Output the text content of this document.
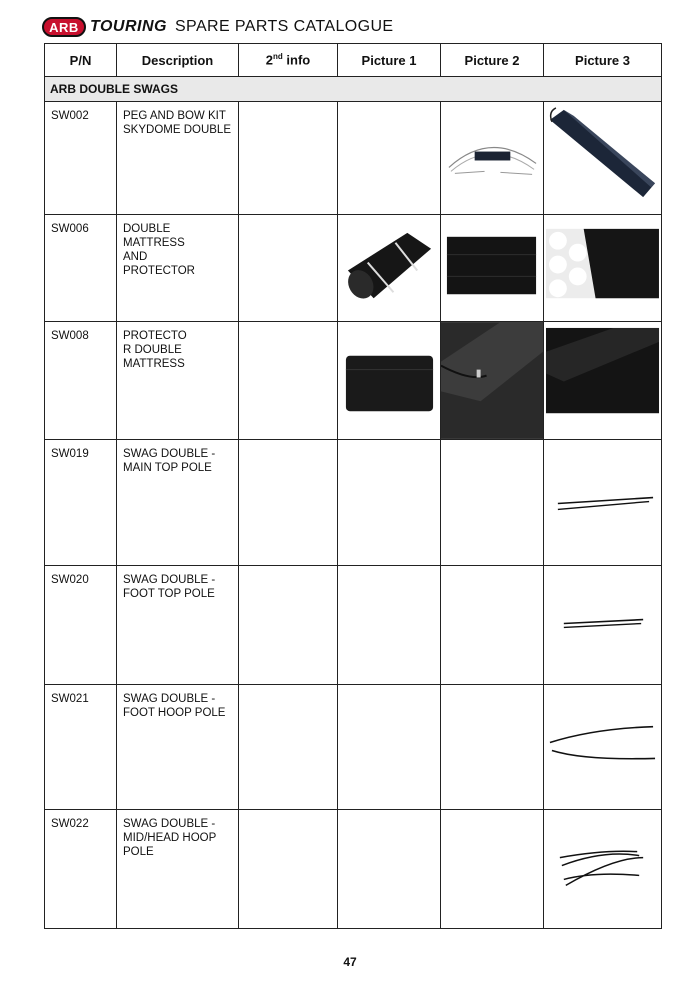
ARB TOURING SPARE PARTS CATALOGUE
P/N	Description	2nd info	Picture 1	Picture 2	Picture 3
ARB DOUBLE SWAGS					
SW002	PEG AND BOW KIT
SKYDOME DOUBLE			

SW006	DOUBLE
MATTRESS
AND
PROTECTOR		

SW008	PROTECTO
R DOUBLE
MATTRESS		

SW019	SWAG DOUBLE -
MAIN TOP POLE				

SW020	SWAG DOUBLE -
FOOT TOP POLE				

SW021	SWAG DOUBLE -
FOOT HOOP POLE				

SW022	SWAG DOUBLE -
MID/HEAD HOOP
POLE				
47
